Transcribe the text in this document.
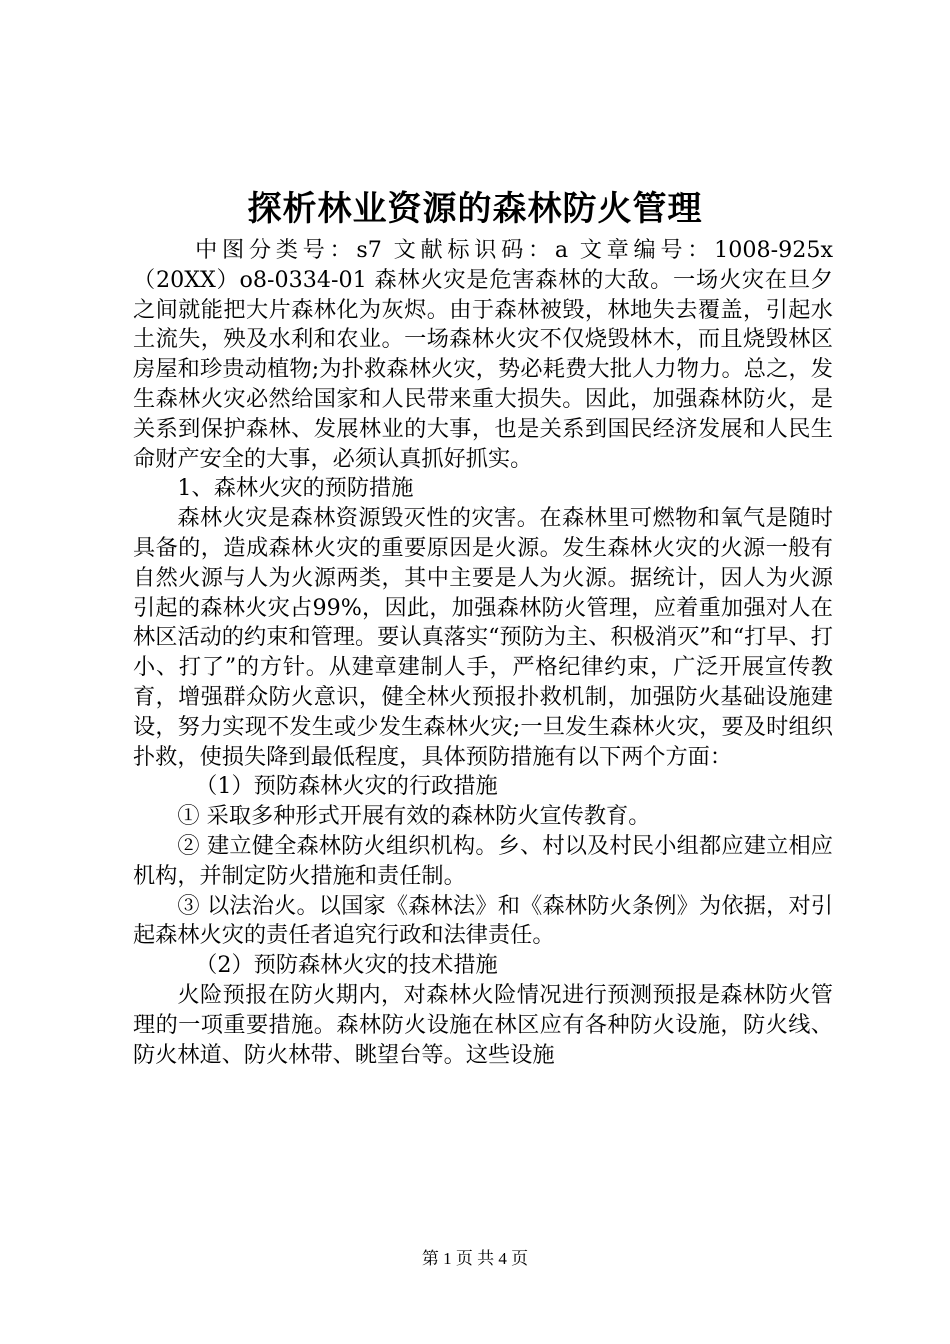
探析林业资源的森林防火管理

中图分类号：s7 文献标识码：a 文章编号：1008-925x（20XX）o8-0334-01 森林火灾是危害森林的大敌。一场火灾在旦夕之间就能把大片森林化为灰烬。由于森林被毁，林地失去覆盖，引起水土流失，殃及水利和农业。一场森林火灾不仅烧毁林木，而且烧毁林区房屋和珍贵动植物;为扑救森林火灾，势必耗费大批人力物力。总之，发生森林火灾必然给国家和人民带来重大损失。因此，加强森林防火，是关系到保护森林、发展林业的大事，也是关系到国民经济发展和人民生命财产安全的大事，必须认真抓好抓实。

1、森林火灾的预防措施

森林火灾是森林资源毁灭性的灾害。在森林里可燃物和氧气是随时具备的，造成森林火灾的重要原因是火源。发生森林火灾的火源一般有自然火源与人为火源两类，其中主要是人为火源。据统计，因人为火源引起的森林火灾占99%，因此，加强森林防火管理，应着重加强对人在林区活动的约束和管理。要认真落实“预防为主、积极消灭”和“打早、打小、打了”的方针。从建章建制人手，严格纪律约束，广泛开展宣传教育，增强群众防火意识，健全林火预报扑救机制，加强防火基础设施建设，努力实现不发生或少发生森林火灾;一旦发生森林火灾，要及时组织扑救，使损失降到最低程度，具体预防措施有以下两个方面：

（1）预防森林火灾的行政措施

① 采取多种形式开展有效的森林防火宣传教育。

② 建立健全森林防火组织机构。乡、村以及村民小组都应建立相应机构，并制定防火措施和责任制。

③ 以法治火。以国家《森林法》和《森林防火条例》为依据，对引起森林火灾的责任者追究行政和法律责任。

（2）预防森林火灾的技术措施

火险预报在防火期内，对森林火险情况进行预测预报是森林防火管理的一项重要措施。森林防火设施在林区应有各种防火设施，防火线、防火林道、防火林带、眺望台等。这些设施

第 1 页 共 4 页
